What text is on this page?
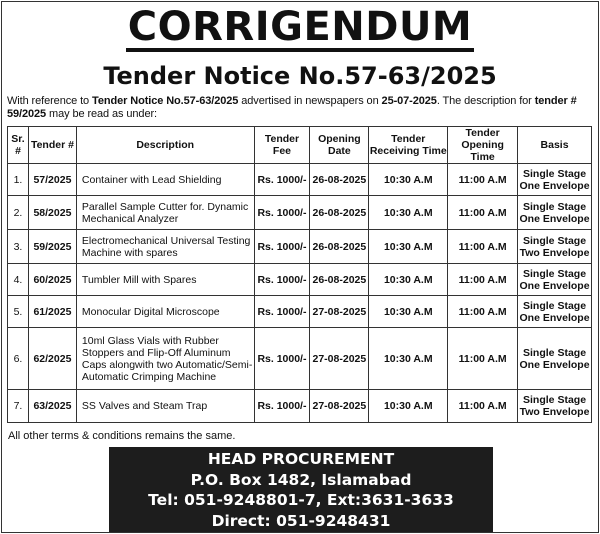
CORRIGENDUM
Tender Notice No.57-63/2025
With reference to Tender Notice No.57-63/2025 advertised in newspapers on 25-07-2025. The description for tender # 59/2025 may be read as under:
Sr. #	Tender #	Description	Tender Fee	Opening Date	Tender Receiving Time	Tender Opening Time	Basis
1.	57/2025	Container with Lead Shielding	Rs. 1000/-	26-08-2025	10:30 A.M	11:00 A.M	Single Stage
One Envelope

2.	58/2025	Parallel Sample Cutter for. Dynamic Mechanical Analyzer	Rs. 1000/-	26-08-2025	10:30 A.M	11:00 A.M	Single Stage
One Envelope

3.	59/2025	Electromechanical Universal Testing Machine with spares	Rs. 1000/-	26-08-2025	10:30 A.M	11:00 A.M	Single Stage
Two Envelope

4.	60/2025	Tumbler Mill with Spares	Rs. 1000/-	26-08-2025	10:30 A.M	11:00 A.M	Single Stage
One Envelope

5.	61/2025	Monocular Digital Microscope	Rs. 1000/-	27-08-2025	10:30 A.M	11:00 A.M	Single Stage
One Envelope

6.	62/2025	10ml Glass Vials with Rubber Stoppers and Flip-Off Aluminum Caps alongwith two Automatic/Semi-Automatic Crimping Machine	Rs. 1000/-	27-08-2025	10:30 A.M	11:00 A.M	Single Stage
One Envelope

7.	63/2025	SS Valves and Steam Trap	Rs. 1000/-	27-08-2025	10:30 A.M	11:00 A.M	Single Stage
Two Envelope
All other terms & conditions remains the same.
HEAD PROCUREMENT
P.O. Box 1482, Islamabad
Tel: 051-9248801-7, Ext:3631-3633
Direct: 051-9248431
